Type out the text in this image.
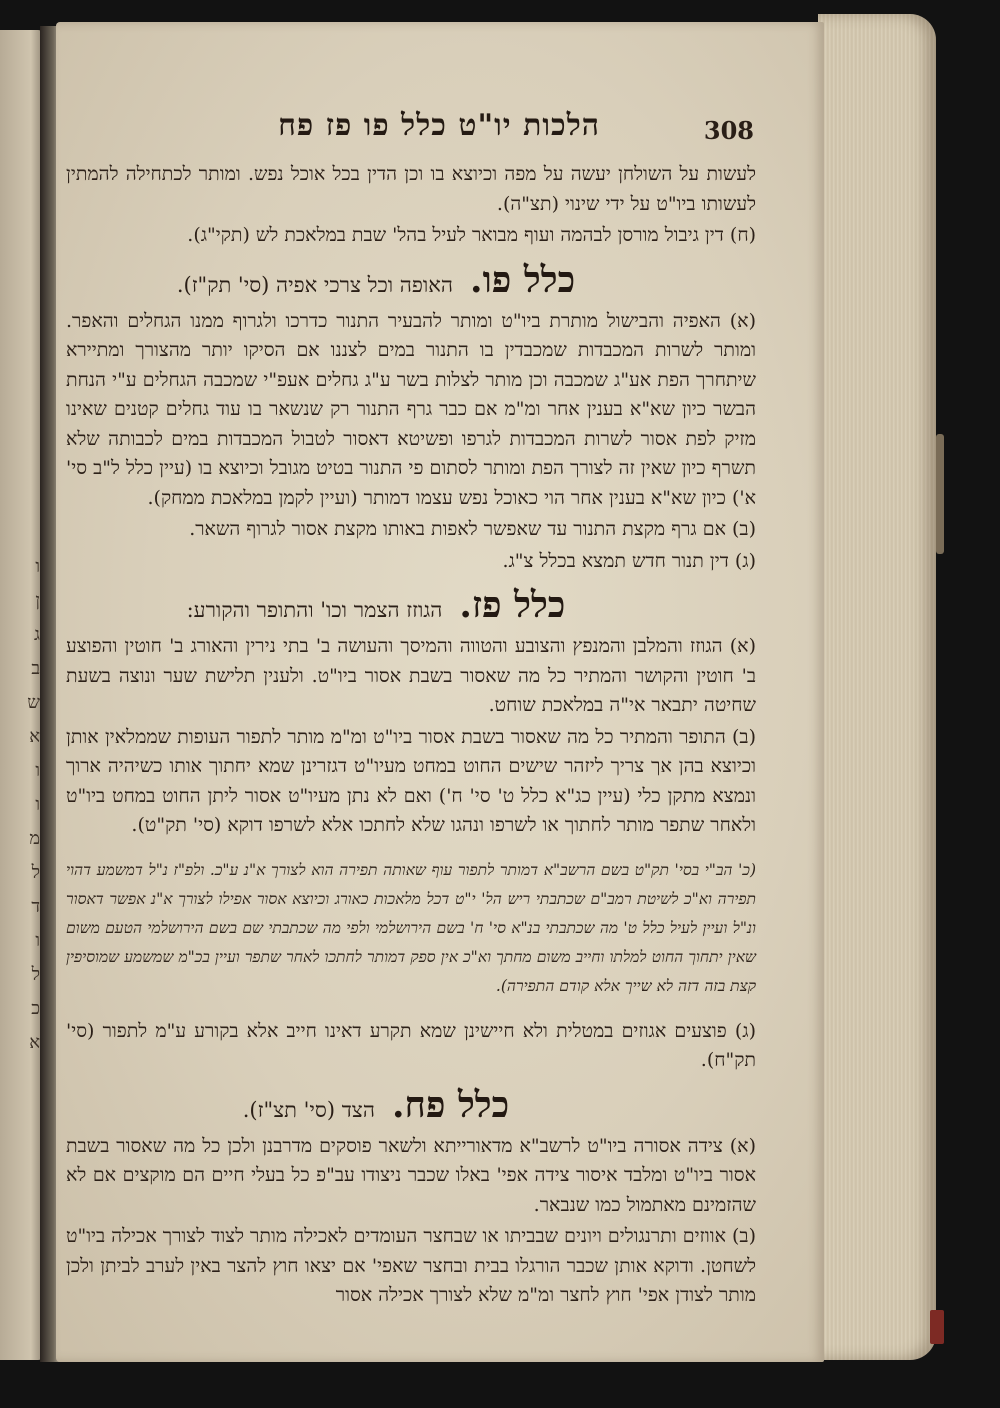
ו
ן
ג
ב
ש
א
ו
ו
מ
ל
ד
ו
ל
כ
א
הלכות יו"ט כלל פו פז פח	308

לעשות על השולחן יעשה על מפה וכיוצא בו וכן הדין בכל אוכל נפש. ומותר לכתחילה להמתין לעשותו ביו"ט על ידי שינוי (תצ"ה).

(ח) דין גיבול מורסן לבהמה ועוף מבואר לעיל בהל' שבת במלאכת לש (תקי"ג).

כלל פו. האופה וכל צרכי אפיה (סי' תק"ז).

(א) האפיה והבישול מותרת ביו"ט ומותר להבעיר התנור כדרכו ולגרוף ממנו הגחלים והאפר. ומותר לשרות המכבדות שמכבדין בו התנור במים לצננו אם הסיקו יותר מהצורך ומתיירא שיתחרך הפת אע"ג שמכבה וכן מותר לצלות בשר ע"ג גחלים אעפ"י שמכבה הגחלים ע"י הנחת הבשר כיון שא"א בענין אחר ומ"מ אם כבר גרף התנור רק שנשאר בו עוד גחלים קטנים שאינו מזיק לפת אסור לשרות המכבדות לגרפו ופשיטא דאסור לטבול המכבדות במים לכבותה שלא תשרף כיון שאין זה לצורך הפת ומותר לסתום פי התנור בטיט מגובל וכיוצא בו (עיין כלל ל"ב סי' א') כיון שא"א בענין אחר הוי כאוכל נפש עצמו דמותר (ועיין לקמן במלאכת ממחק).

(ב) אם גרף מקצת התנור עד שאפשר לאפות באותו מקצת אסור לגרוף השאר.

(ג) דין תנור חדש תמצא בכלל צ"ג.

כלל פז. הגוזז הצמר וכו' והתופר והקורע:

(א) הגוזז והמלבן והמנפץ והצובע והטווה והמיסך והעושה ב' בתי נירין והאורג ב' חוטין והפוצע ב' חוטין והקושר והמתיר כל מה שאסור בשבת אסור ביו"ט. ולענין תלישת שער ונוצה בשעת שחיטה יתבאר אי"ה במלאכת שוחט.

(ב) התופר והמתיר כל מה שאסור בשבת אסור ביו"ט ומ"מ מותר לתפור העופות שממלאין אותן וכיוצא בהן אך צריך ליזהר שישים החוט במחט מעיו"ט דגזרינן שמא יחתוך אותו כשיהיה ארוך ונמצא מתקן כלי (עיין כג"א כלל ט' סי' ח') ואם לא נתן מעיו"ט אסור ליתן החוט במחט ביו"ט ולאחר שתפר מותר לחתוך או לשרפו ונהגו שלא לחתכו אלא לשרפו דוקא (סי' תק"ט).

(כ' הב"י בסי' תק"ט בשם הרשב"א דמותר לתפור עוף שאותה תפירה הוא לצורך א"נ ע"כ. ולפ"ז נ"ל דמשמע דהוי תפירה וא"כ לשיטת רמב"ם שכתבתי ריש הל' י"ט דכל מלאכות כאורג וכיוצא אסור אפילו לצורך א"נ אפשר דאסור ונ"ל ועיין לעיל כלל ט' מה שכתבתי בנ"א סי' ח' בשם הירושלמי ולפי מה שכתבתי שם בשם הירושלמי הטעם משום שאין יתחוך החוט למלתו וחייב משום מחתך וא"כ אין ספק דמותר לחתכו לאחר שתפר ועיין בכ"מ שמשמע שמוסיפין קצת בזה דזה לא שייך אלא קודם התפירה).

(ג) פוצעים אגוזים במטלית ולא חיישינן שמא תקרע דאינו חייב אלא בקורע ע"מ לתפור (סי' תק"ח).

כלל פח. הצד (סי' תצ"ז).

(א) צידה אסורה ביו"ט לרשב"א מדאורייתא ולשאר פוסקים מדרבנן ולכן כל מה שאסור בשבת אסור ביו"ט ומלבד איסור צידה אפי' באלו שכבר ניצודו עב"פ כל בעלי חיים הם מוקצים אם לא שהזמינם מאתמול כמו שנבאר.

(ב) אווזים ותרנגולים ויונים שבביתו או שבחצר העומדים לאכילה מותר לצוד לצורך אכילה ביו"ט לשחטן. ודוקא אותן שכבר הורגלו בבית ובחצר שאפי' אם יצאו חוץ להצר באין לערב לביתן ולכן מותר לצודן אפי' חוץ לחצר ומ"מ שלא לצורך אכילה אסור
